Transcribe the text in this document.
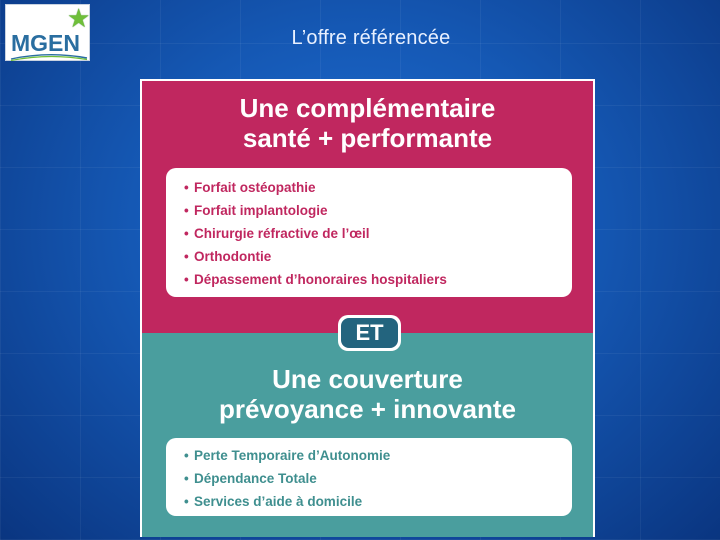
★
MGEN	L’offre référencée
Une complémentaire
santé + performante
• Forfait ostéopathie
• Forfait implantologie
• Chirurgie réfractive de l’œil
• Orthodontie
• Dépassement d’honoraires hospitaliers
Une couverture
prévoyance + innovante
• Perte Temporaire d’Autonomie
• Dépendance Totale
• Services d’aide à domicile
ET
